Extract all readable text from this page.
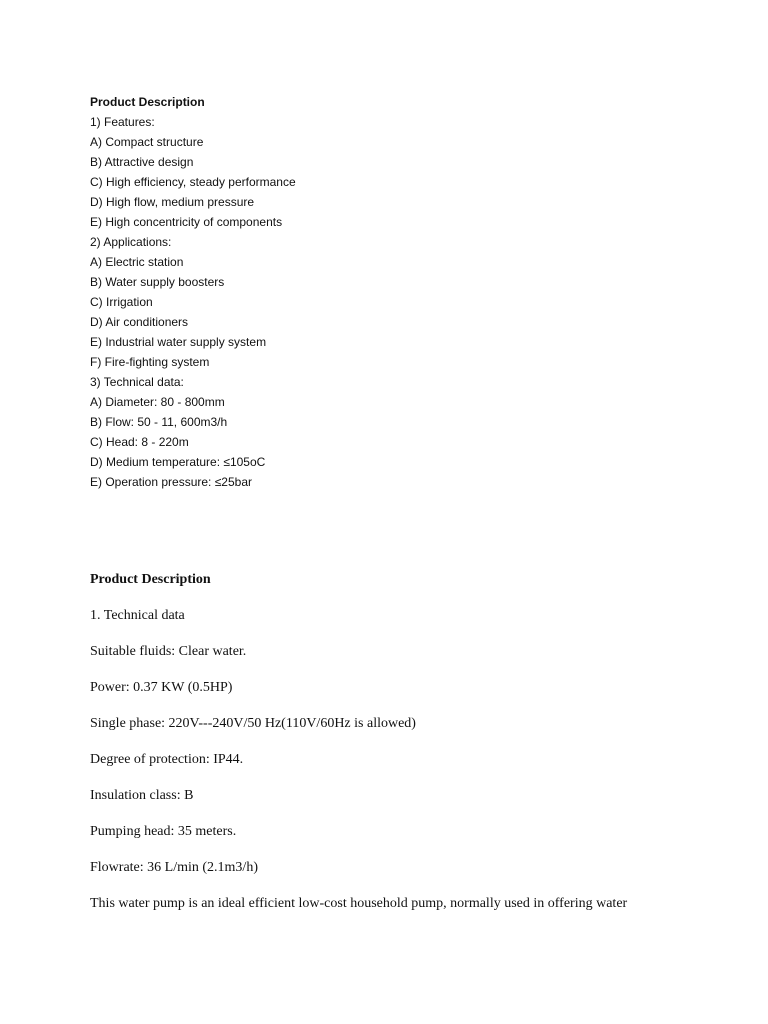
Product Description
1) Features:
A) Compact structure
B) Attractive design
C) High efficiency, steady performance
D) High flow, medium pressure
E) High concentricity of components
2) Applications:
A) Electric station
B) Water supply boosters
C) Irrigation
D) Air conditioners
E) Industrial water supply system
F) Fire-fighting system
3) Technical data:
A) Diameter: 80 - 800mm
B) Flow: 50 - 11, 600m3/h
C) Head: 8 - 220m
D) Medium temperature: ≤105oC
E) Operation pressure: ≤25bar
Product Description
1. Technical data
Suitable fluids: Clear water.
Power: 0.37 KW (0.5HP)
Single phase: 220V---240V/50 Hz(110V/60Hz is allowed)
Degree of protection: IP44.
Insulation class: B
Pumping head: 35 meters.
Flowrate: 36 L/min (2.1m3/h)
This water pump is an ideal efficient low-cost household pump, normally used in offering water
